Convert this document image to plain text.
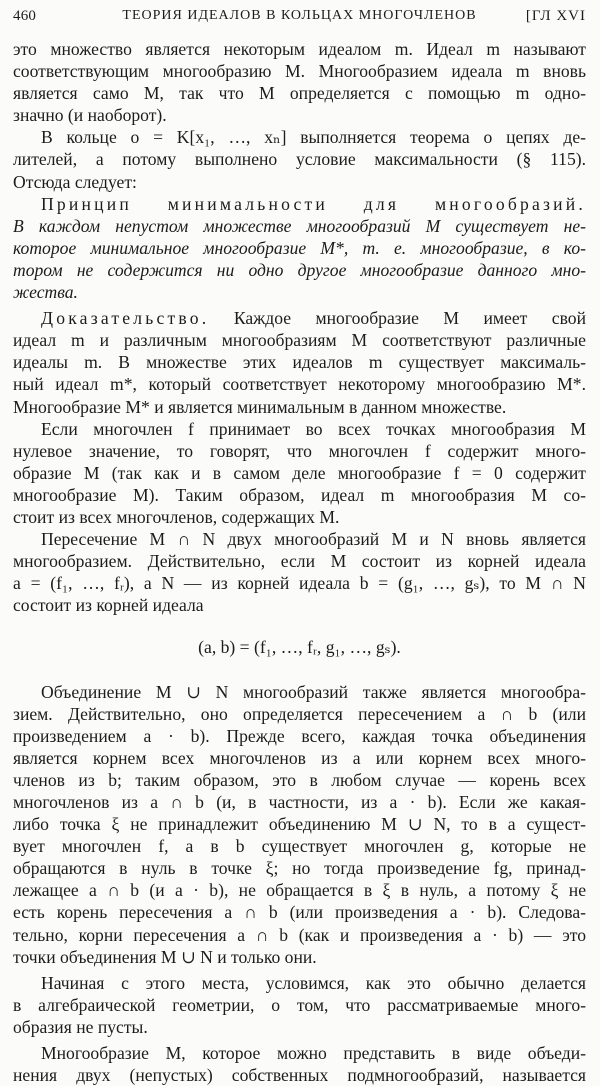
460	ТЕОРИЯ ИДЕАЛОВ В КОЛЬЦАХ МНОГОЧЛЕНОВ	[ГЛ XVI
это множество является некоторым идеалом m. Идеал m называют
соответствующим многообразию M. Многообразием идеала m вновь
является само M, так что M определяется с помощью m одно-
значно (и наоборот).
В кольце o = K[x₁, …, xₙ] выполняется теорема о цепях де-
лителей, а потому выполнено условие максимальности (§ 115).
Отсюда следует:
Принцип минимальности для многообразий.
В каждом непустом множестве многообразий M существует не-
которое минимальное многообразие M*, т. е. многообразие, в ко-
тором не содержится ни одно другое многообразие данного мно-
жества.
Доказательство. Каждое многообразие M имеет свой
идеал m и различным многообразиям M соответствуют различные
идеалы m. В множестве этих идеалов m существует максималь-
ный идеал m*, который соответствует некоторому многообразию M*.
Многообразие M* и является минимальным в данном множестве.
Если многочлен f принимает во всех точках многообразия M
нулевое значение, то говорят, что многочлен f содержит много-
образие M (так как и в самом деле многообразие f = 0 содержит
многообразие M). Таким образом, идеал m многообразия M со-
стоит из всех многочленов, содержащих M.
Пересечение M ∩ N двух многообразий M и N вновь является
многообразием. Действительно, если M состоит из корней идеала
a = (f₁, …, fᵣ), а N — из корней идеала b = (g₁, …, gₛ), то M ∩ N
состоит из корней идеала
(a, b) = (f₁, …, fᵣ, g₁, …, gₛ).
Объединение M ∪ N многообразий также является многообра-
зием. Действительно, оно определяется пересечением a ∩ b (или
произведением a · b). Прежде всего, каждая точка объединения
является корнем всех многочленов из a или корнем всех много-
членов из b; таким образом, это в любом случае — корень всех
многочленов из a ∩ b (и, в частности, из a · b). Если же какая-
либо точка ξ не принадлежит объединению M ∪ N, то в a сущест-
вует многочлен f, а в b существует многочлен g, которые не
обращаются в нуль в точке ξ; но тогда произведение fg, принад-
лежащее a ∩ b (и a · b), не обращается в ξ в нуль, а потому ξ не
есть корень пересечения a ∩ b (или произведения a · b). Следова-
тельно, корни пересечения a ∩ b (как и произведения a · b) — это
точки объединения M ∪ N и только они.
Начиная с этого места, условимся, как это обычно делается
в алгебраической геометрии, о том, что рассматриваемые много-
образия не пусты.
Многообразие M, которое можно представить в виде объеди-
нения двух (непустых) собственных подмногообразий, называется
